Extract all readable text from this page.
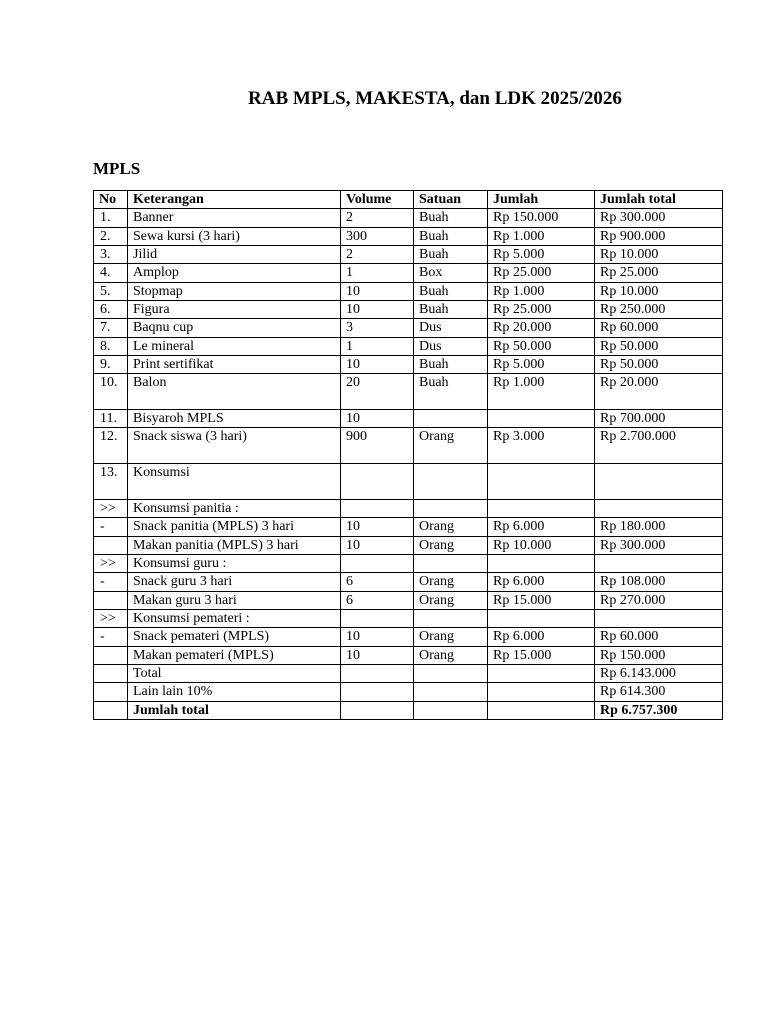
RAB MPLS, MAKESTA, dan LDK 2025/2026
MPLS
No	Keterangan	Volume	Satuan	Jumlah	Jumlah total
1.	Banner	2	Buah	Rp 150.000	Rp 300.000
2.	Sewa kursi (3 hari)	300	Buah	Rp 1.000	Rp 900.000
3.	Jilid	2	Buah	Rp 5.000	Rp 10.000
4.	Amplop	1	Box	Rp 25.000	Rp 25.000
5.	Stopmap	10	Buah	Rp 1.000	Rp 10.000
6.	Figura	10	Buah	Rp 25.000	Rp 250.000
7.	Baqnu cup	3	Dus	Rp 20.000	Rp 60.000
8.	Le mineral	1	Dus	Rp 50.000	Rp 50.000
9.	Print sertifikat	10	Buah	Rp 5.000	Rp 50.000
10.	Balon	20	Buah	Rp 1.000	Rp 20.000
11.	Bisyaroh MPLS	10			Rp 700.000
12.	Snack siswa (3 hari)	900	Orang	Rp 3.000	Rp 2.700.000
13.	Konsumsi				
>>	Konsumsi panitia :				
-	Snack panitia (MPLS) 3 hari	10	Orang	Rp 6.000	Rp 180.000
	Makan panitia (MPLS) 3 hari	10	Orang	Rp 10.000	Rp 300.000
>>	Konsumsi guru :				
-	Snack guru 3 hari	6	Orang	Rp 6.000	Rp 108.000
	Makan guru 3 hari	6	Orang	Rp 15.000	Rp 270.000
>>	Konsumsi pemateri :				
-	Snack pemateri (MPLS)	10	Orang	Rp 6.000	Rp 60.000
	Makan pemateri (MPLS)	10	Orang	Rp 15.000	Rp 150.000
	Total				Rp 6.143.000
	Lain lain 10%				Rp 614.300
	Jumlah total				Rp 6.757.300
